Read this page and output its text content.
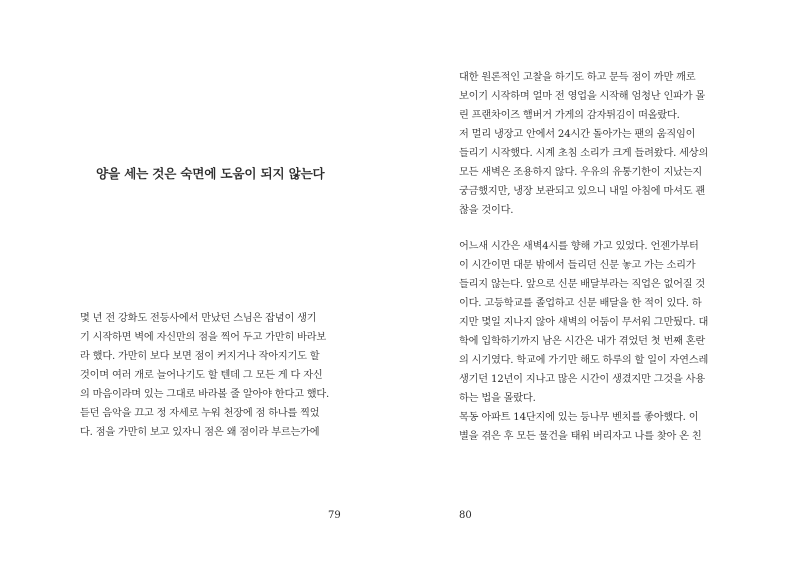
양을 세는 것은 숙면에 도움이 되지 않는다

몇 년 전 강화도 전등사에서 만났던 스님은 잡념이 생기

기 시작하면 벽에 자신만의 점을 찍어 두고 가만히 바라보

라 했다. 가만히 보다 보면 점이 커지거나 작아지기도 할

것이며 여러 개로 늘어나기도 할 텐데 그 모든 게 다 자신

의 마음이라며 있는 그대로 바라볼 줄 알아야 한다고 했다.

듣던 음악을 끄고 정 자세로 누워 천장에 점 하나를 찍었

다. 점을 가만히 보고 있자니 점은 왜 점이라 부르는가에

79

대한 원론적인 고찰을 하기도 하고 문득 점이 까만 깨로

보이기 시작하며 얼마 전 영업을 시작해 엄청난 인파가 몰

린 프랜차이즈 햄버거 가게의 감자튀김이 떠올랐다.

저 멀리 냉장고 안에서 24시간 돌아가는 팬의 움직임이

들리기 시작했다. 시계 초침 소리가 크게 들려왔다. 세상의

모든 새벽은 조용하지 않다. 우유의 유통기한이 지났는지

궁금했지만, 냉장 보관되고 있으니 내일 아침에 마셔도 괜

찮을 것이다.

어느새 시간은 새벽4시를 향해 가고 있었다. 언젠가부터

이 시간이면 대문 밖에서 들리던 신문 놓고 가는 소리가

들리지 않는다. 앞으로 신문 배달부라는 직업은 없어질 것

이다. 고등학교를 졸업하고 신문 배달을 한 적이 있다. 하

지만 몇일 지나지 않아 새벽의 어둠이 무서워 그만뒀다. 대

학에 입학하기까지 남은 시간은 내가 겪었던 첫 번째 혼란

의 시기였다. 학교에 가기만 해도 하루의 할 일이 자연스레

생기던 12년이 지나고 많은 시간이 생겼지만 그것을 사용

하는 법을 몰랐다.

목동 아파트 14단지에 있는 등나무 벤치를 좋아했다. 이

별을 겪은 후 모든 물건을 태워 버리자고 나를 찾아 온 친

80
